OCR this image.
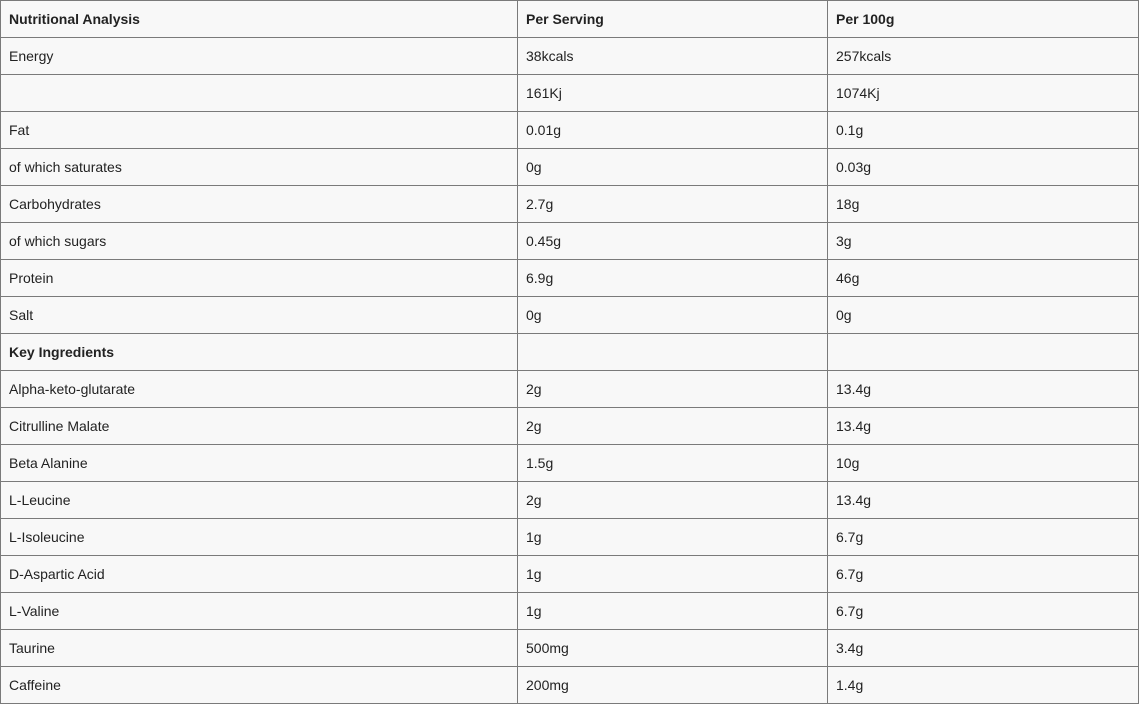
Nutritional Analysis	Per Serving	Per 100g
Energy	38kcals	257kcals
	161Kj	1074Kj
Fat	0.01g	0.1g
of which saturates	0g	0.03g
Carbohydrates	2.7g	18g
of which sugars	0.45g	3g
Protein	6.9g	46g
Salt	0g	0g
Key Ingredients		
Alpha-keto-glutarate	2g	13.4g
Citrulline Malate	2g	13.4g
Beta Alanine	1.5g	10g
L-Leucine	2g	13.4g
L-Isoleucine	1g	6.7g
D-Aspartic Acid	1g	6.7g
L-Valine	1g	6.7g
Taurine	500mg	3.4g
Caffeine	200mg	1.4g
